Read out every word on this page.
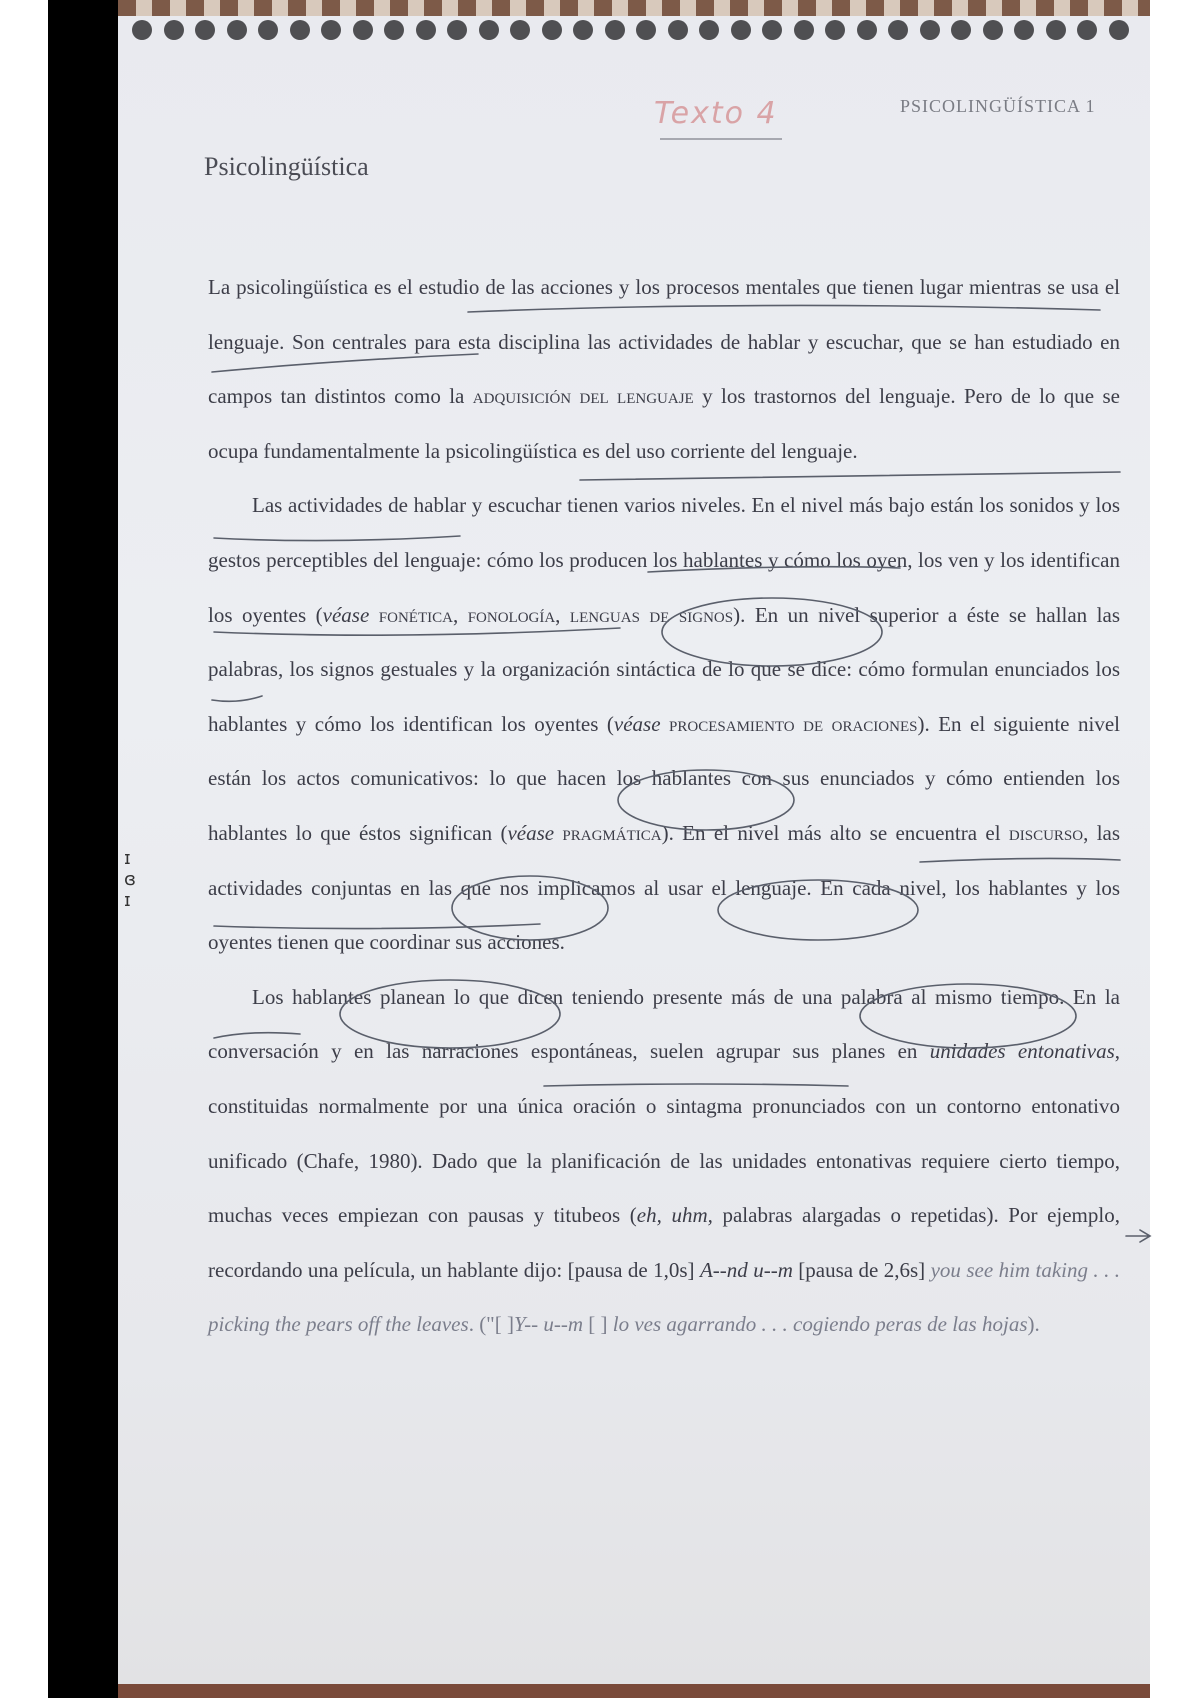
Texto 4	PSICOLINGÜÍSTICA 1
Psicolingüística

La psicolingüística es el estudio de las acciones y los procesos mentales que tienen lugar mientras se usa el lenguaje. Son centrales para esta disciplina las actividades de hablar y escuchar, que se han estudiado en campos tan distintos como la adquisición del lenguaje y los trastornos del lenguaje. Pero de lo que se ocupa fundamentalmente la psicolingüística es del uso corriente del lenguaje.

Las actividades de hablar y escuchar tienen varios niveles. En el nivel más bajo están los sonidos y los gestos perceptibles del lenguaje: cómo los producen los hablantes y cómo los oyen, los ven y los identifican los oyentes (véase fonética, fonología, lenguas de signos). En un nivel superior a éste se hallan las palabras, los signos gestuales y la organización sintáctica de lo que se dice: cómo formulan enunciados los hablantes y cómo los identifican los oyentes (véase procesamiento de oraciones). En el siguiente nivel están los actos comunicativos: lo que hacen los hablantes con sus enunciados y cómo entienden los hablantes lo que éstos significan (véase pragmática). En el nivel más alto se encuentra el discurso, las actividades conjuntas en las que nos implicamos al usar el lenguaje. En cada nivel, los hablantes y los oyentes tienen que coordinar sus acciones.

Los hablantes planean lo que dicen teniendo presente más de una palabra al mismo tiempo. En la conversación y en las narraciones espontáneas, suelen agrupar sus planes en unidades entonativas, constituidas normalmente por una única oración o sintagma pronunciados con un contorno entonativo unificado (Chafe, 1980). Dado que la planificación de las unidades entonativas requiere cierto tiempo, muchas veces empiezan con pausas y titubeos (eh, uhm, palabras alargadas o repetidas). Por ejemplo, recordando una película, un hablante dijo: [pausa de 1,0s] A--nd u--m [pausa de 2,6s] you see him taking . . . picking the pears off the leaves. ("[ ]Y-- u--m [ ] lo ves agarrando . . . cogiendo peras de las hojas).

ɪ
ɞ
ɪ
